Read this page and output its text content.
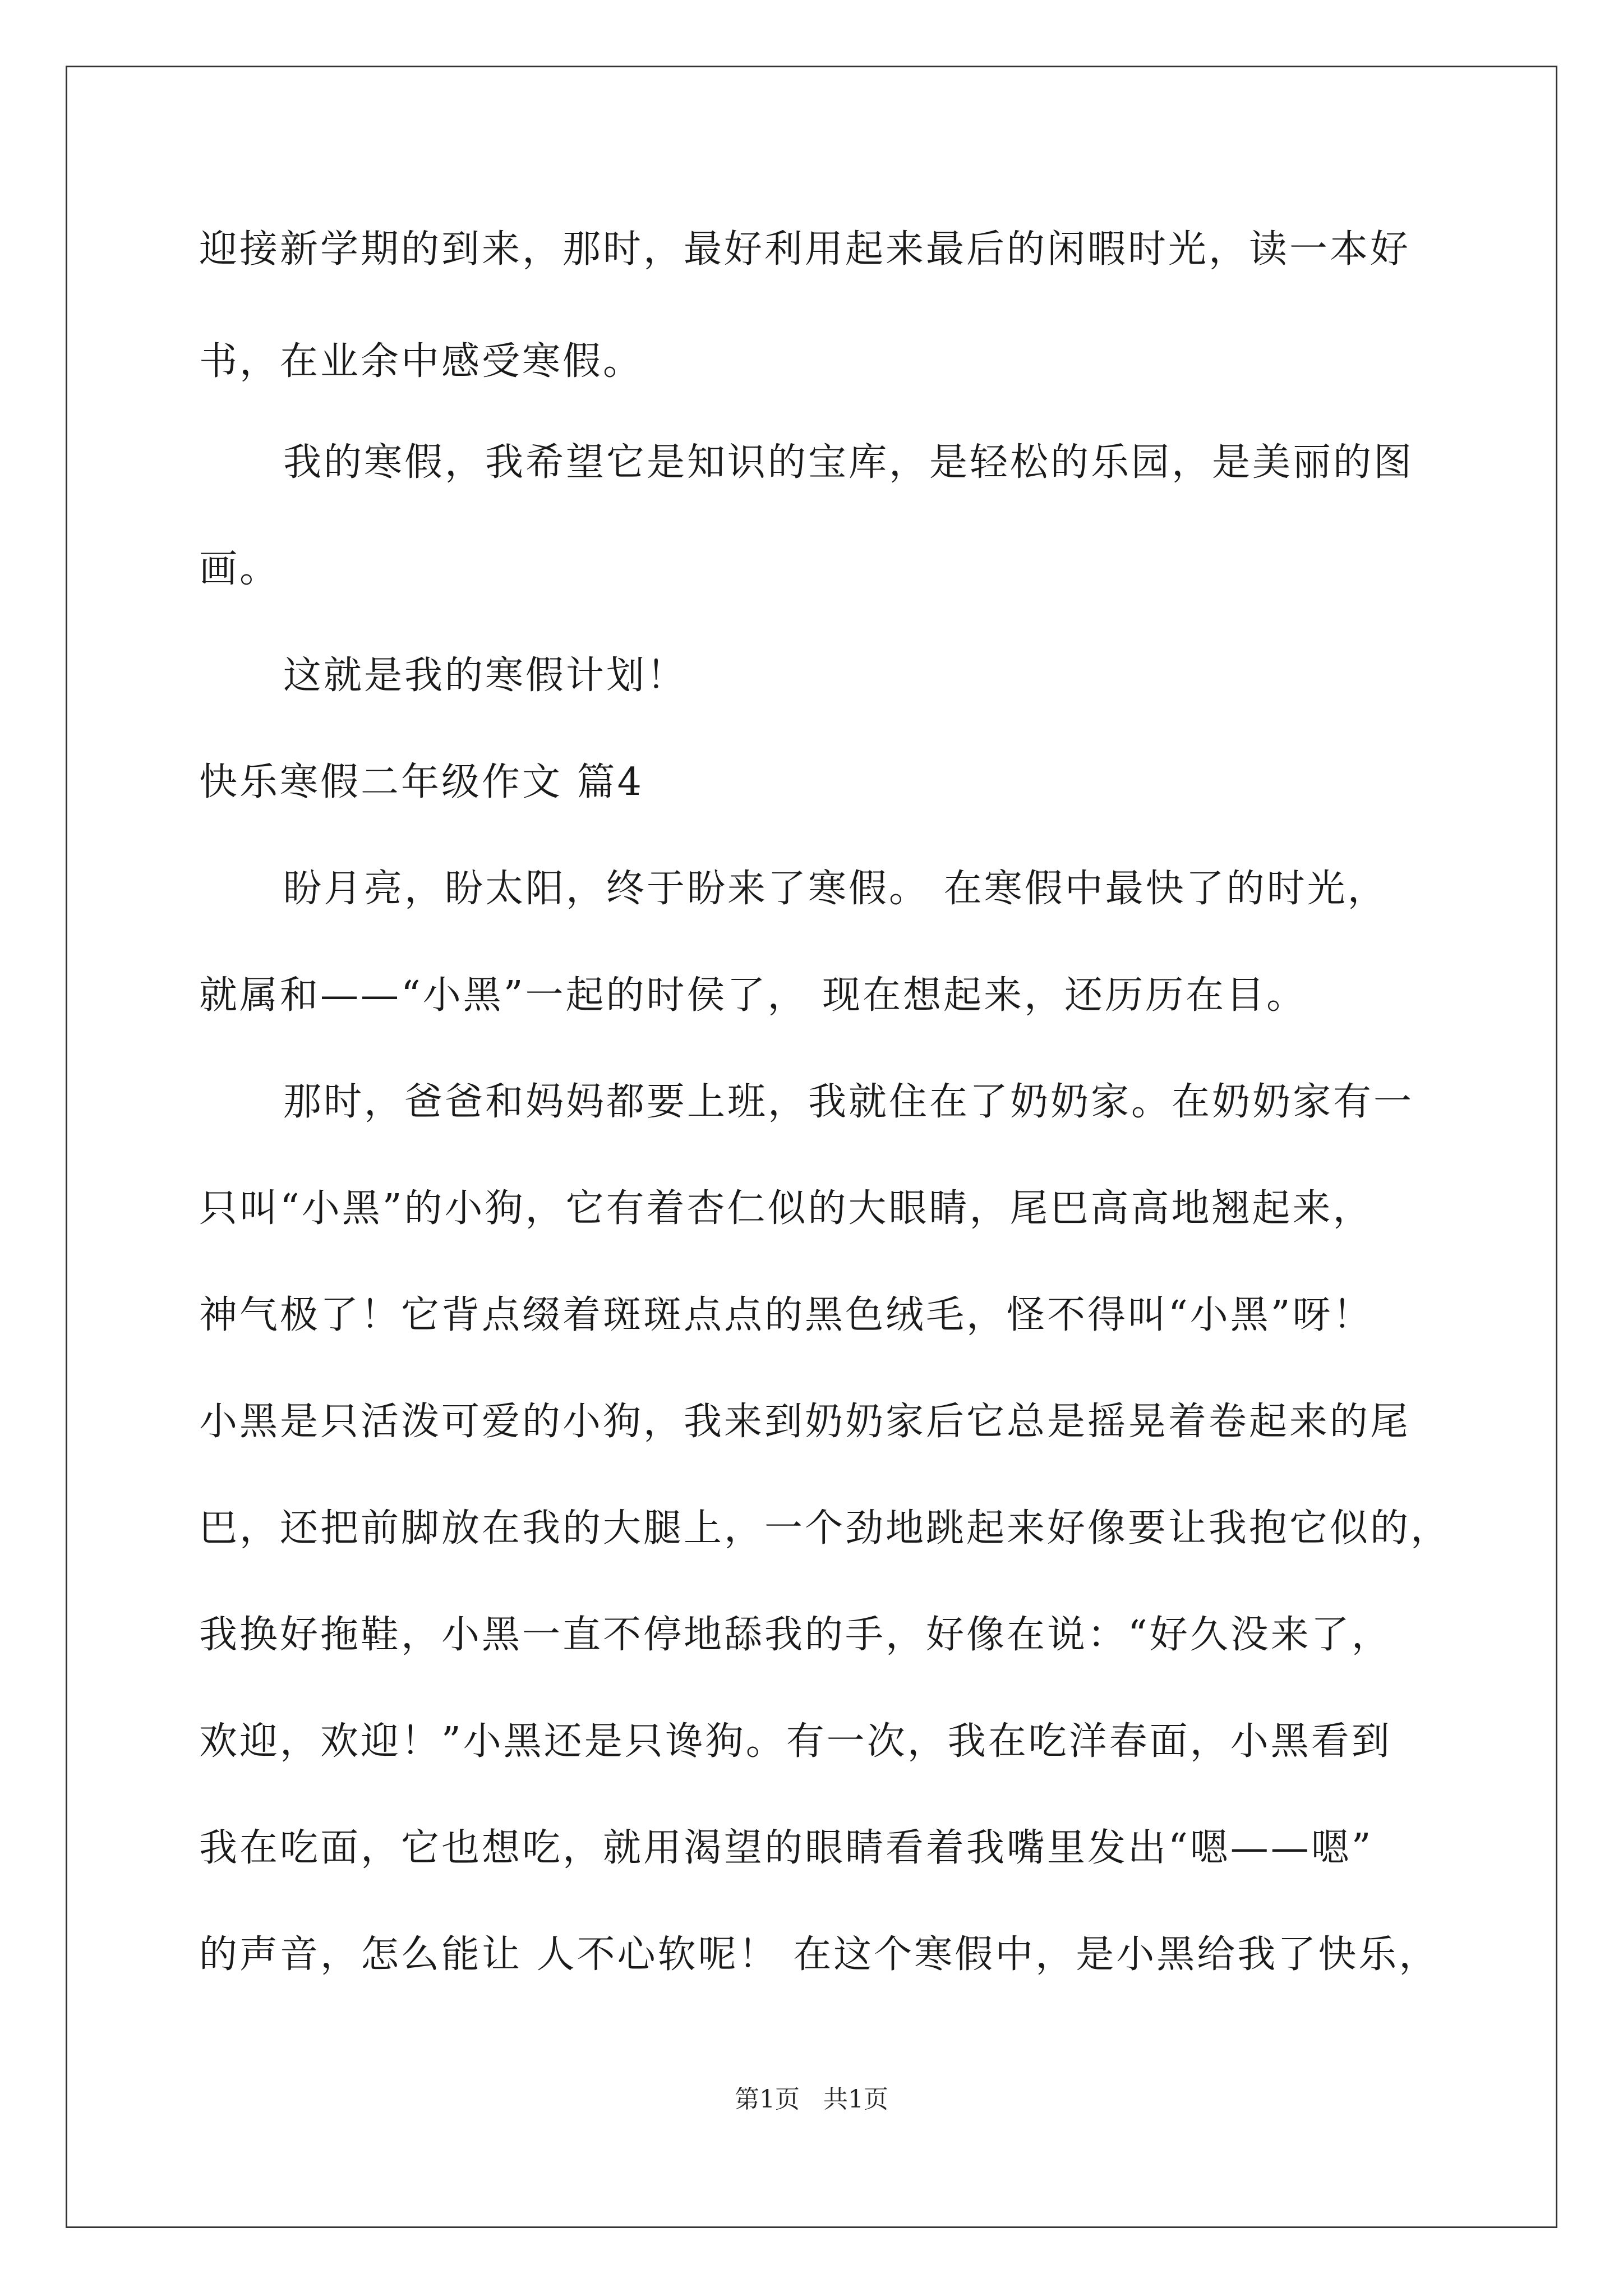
迎接新学期的到来，那时，最好利用起来最后的闲暇时光，读一本好
书，在业余中感受寒假。
我的寒假，我希望它是知识的宝库，是轻松的乐园，是美丽的图
画。
这就是我的寒假计划！
快乐寒假二年级作文 篇4
盼月亮，盼太阳，终于盼来了寒假。 在寒假中最快了的时光，
就属和——“小黑”一起的时侯了， 现在想起来，还历历在目。
那时，爸爸和妈妈都要上班，我就住在了奶奶家。在奶奶家有一
只叫“小黑”的小狗，它有着杏仁似的大眼睛，尾巴高高地翘起来，
神气极了！它背点缀着斑斑点点的黑色绒毛，怪不得叫“小黑”呀！
小黑是只活泼可爱的小狗，我来到奶奶家后它总是摇晃着卷起来的尾
巴，还把前脚放在我的大腿上，一个劲地跳起来好像要让我抱它似的，
我换好拖鞋，小黑一直不停地舔我的手，好像在说：“好久没来了，
欢迎，欢迎！”小黑还是只谗狗。有一次，我在吃洋春面，小黑看到
我在吃面，它也想吃，就用渴望的眼睛看着我嘴里发出“嗯——嗯”
的声音，怎么能让 人不心软呢！ 在这个寒假中，是小黑给我了快乐，
第1页 共1页
